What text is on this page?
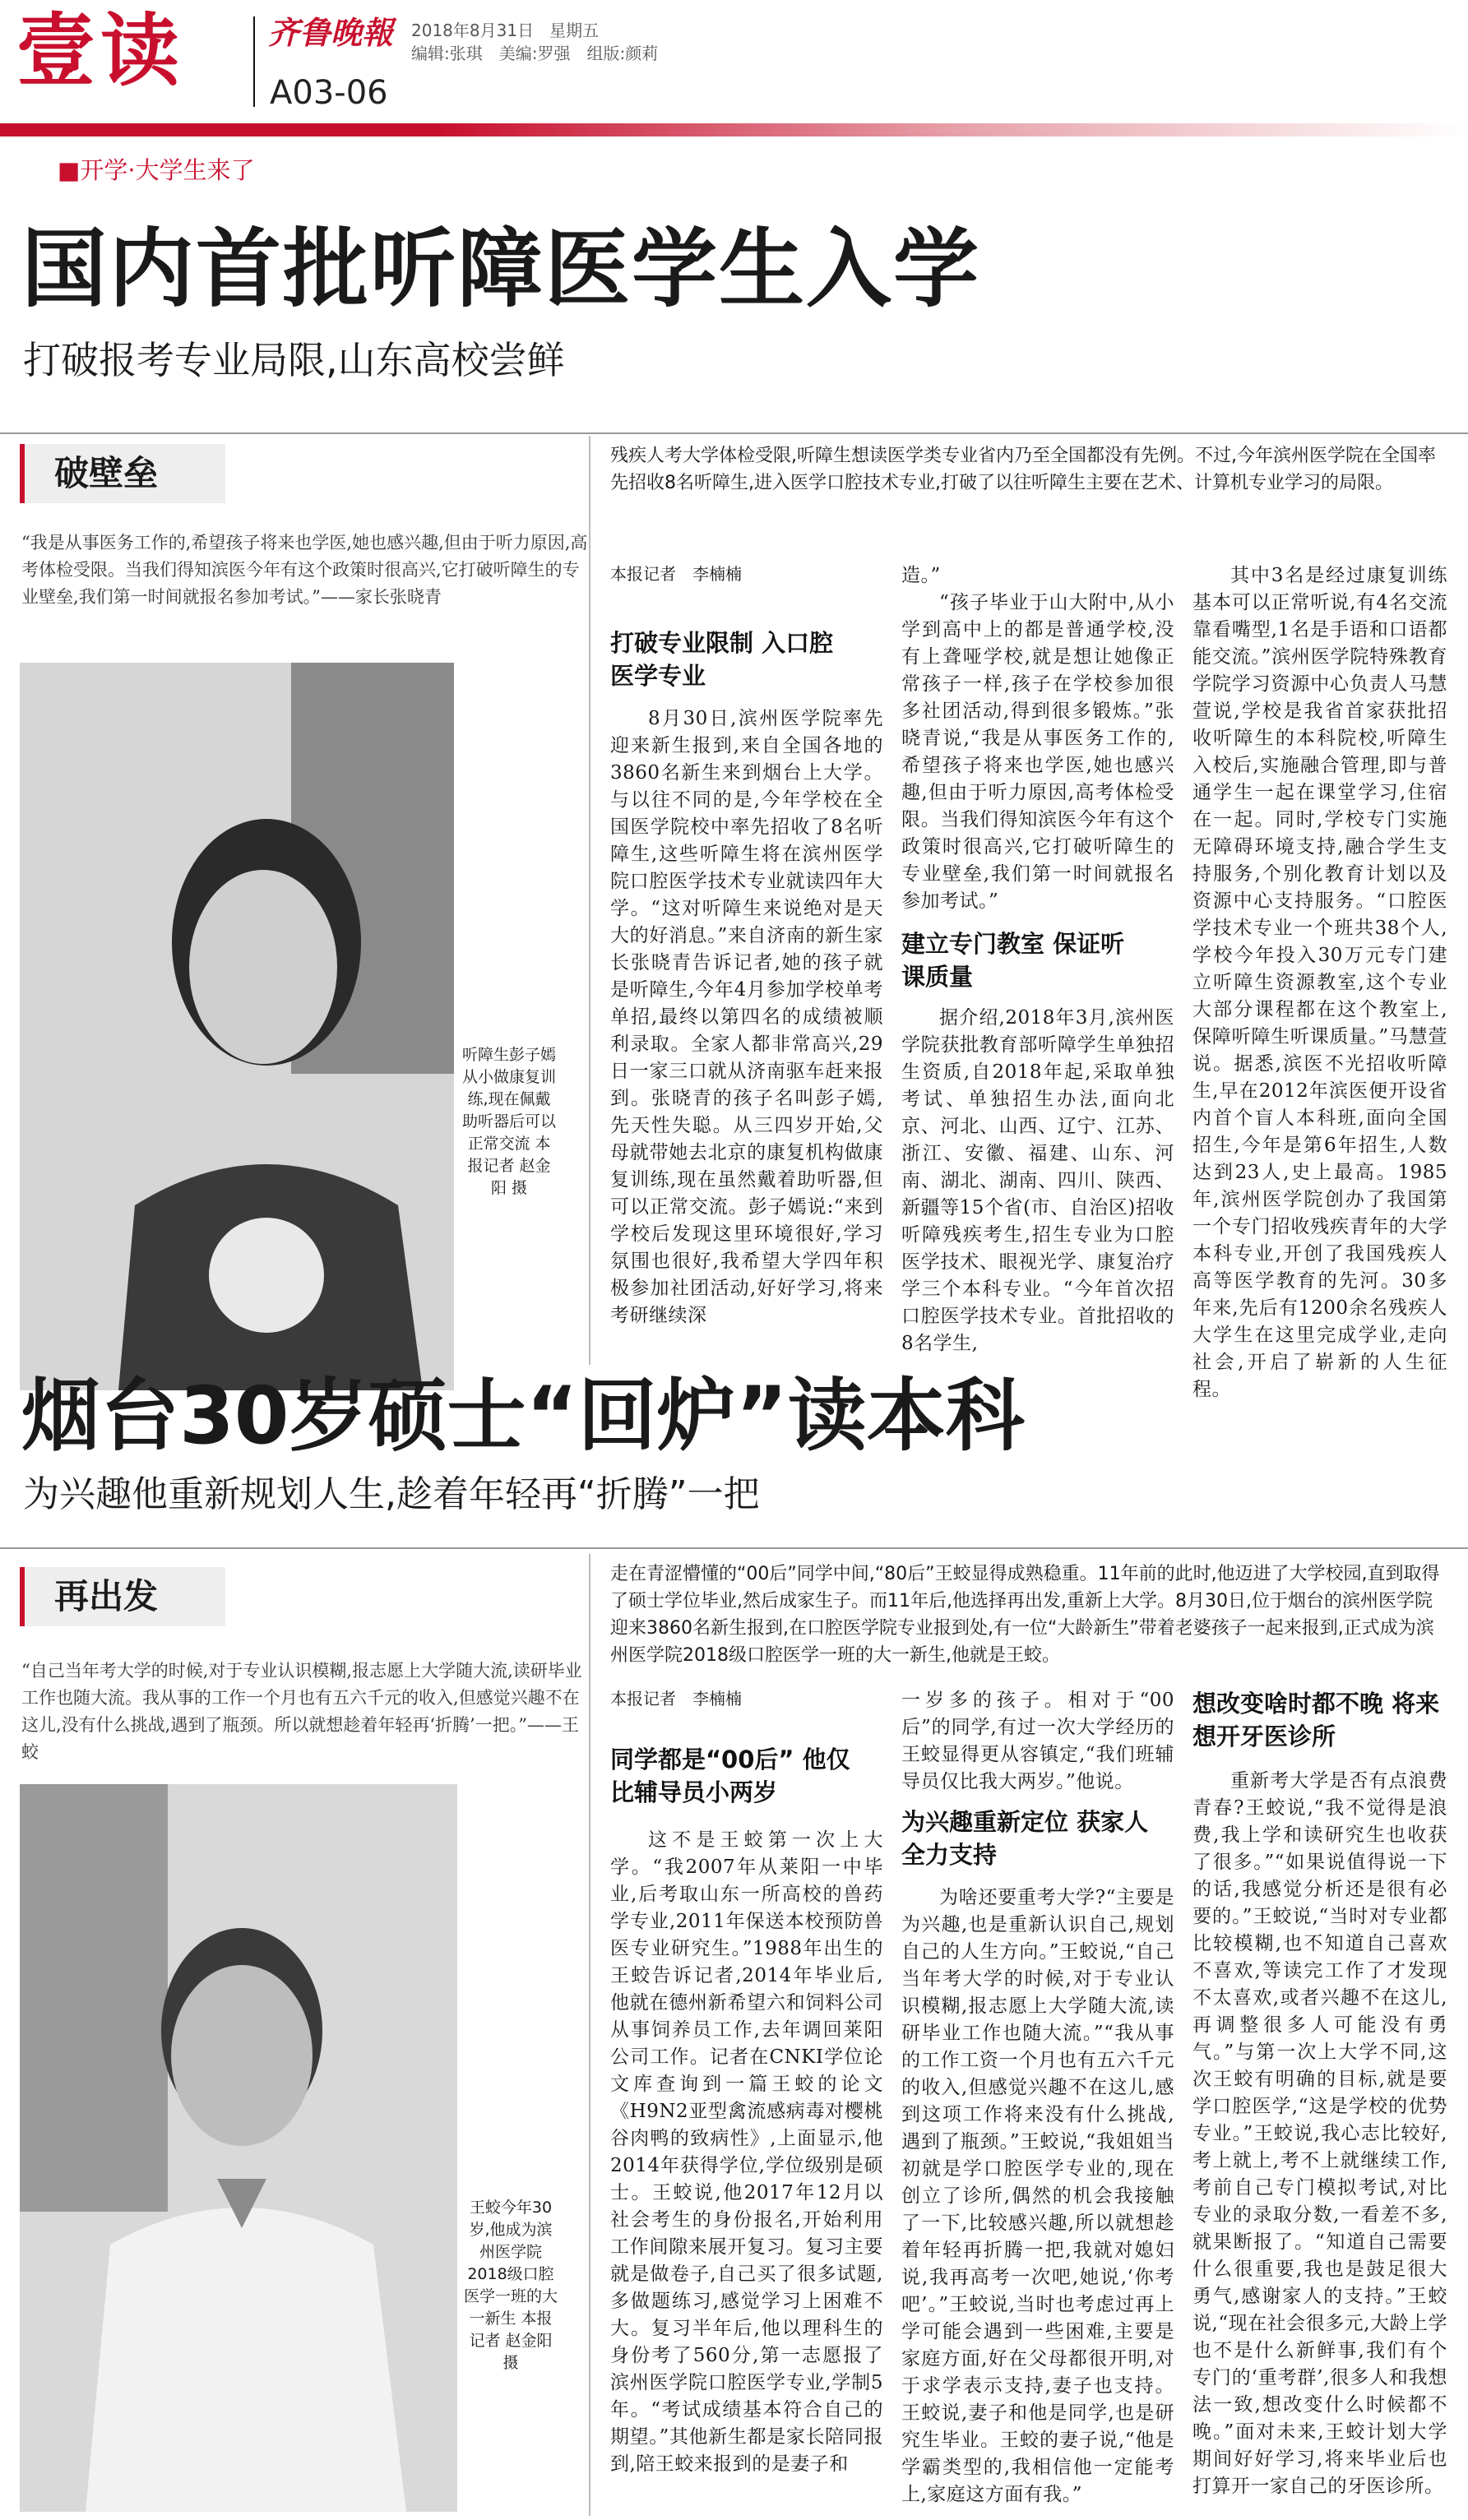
壹读	齐鲁晚報 2018年8月31日 星期五
编辑:张琪　美编:罗强　组版:颜莉
A03-06
■开学·大学生来了
国内首批听障医学生入学
打破报考专业局限,山东高校尝鲜
破壁垒
“我是从事医务工作的,希望孩子将来也学医,她也感兴趣,但由于听力原因,高考体检受限。当我们得知滨医今年有这个政策时很高兴,它打破听障生的专业壁垒,我们第一时间就报名参加考试。”——家长张晓青
听障生彭子嫣从小做康复训练,现在佩戴助听器后可以正常交流 本报记者 赵金阳 摄
残疾人考大学体检受限,听障生想读医学类专业省内乃至全国都没有先例。不过,今年滨州医学院在全国率先招收8名听障生,进入医学口腔技术专业,打破了以往听障生主要在艺术、计算机专业学习的局限。
本报记者　李楠楠
打破专业限制 入口腔医学专业

8月30日,滨州医学院率先迎来新生报到,来自全国各地的3860名新生来到烟台上大学。与以往不同的是,今年学校在全国医学院校中率先招收了8名听障生,这些听障生将在滨州医学院口腔医学技术专业就读四年大学。“这对听障生来说绝对是天大的好消息。”来自济南的新生家长张晓青告诉记者,她的孩子就是听障生,今年4月参加学校单考单招,最终以第四名的成绩被顺利录取。全家人都非常高兴,29日一家三口就从济南驱车赶来报到。张晓青的孩子名叫彭子嫣,先天性失聪。从三四岁开始,父母就带她去北京的康复机构做康复训练,现在虽然戴着助听器,但可以正常交流。彭子嫣说:“来到学校后发现这里环境很好,学习氛围也很好,我希望大学四年积极参加社团活动,好好学习,将来考研继续深

造。”

“孩子毕业于山大附中,从小学到高中上的都是普通学校,没有上聋哑学校,就是想让她像正常孩子一样,孩子在学校参加很多社团活动,得到很多锻炼。”张晓青说,“我是从事医务工作的,希望孩子将来也学医,她也感兴趣,但由于听力原因,高考体检受限。当我们得知滨医今年有这个政策时很高兴,它打破听障生的专业壁垒,我们第一时间就报名参加考试。”

建立专门教室 保证听课质量

据介绍,2018年3月,滨州医学院获批教育部听障学生单独招生资质,自2018年起,采取单独考试、单独招生办法,面向北京、河北、山西、辽宁、江苏、浙江、安徽、福建、山东、河南、湖北、湖南、四川、陕西、新疆等15个省(市、自治区)招收听障残疾考生,招生专业为口腔医学技术、眼视光学、康复治疗学三个本科专业。“今年首次招口腔医学技术专业。首批招收的8名学生,

其中3名是经过康复训练基本可以正常听说,有4名交流靠看嘴型,1名是手语和口语都能交流。”滨州医学院特殊教育学院学习资源中心负责人马慧萱说,学校是我省首家获批招收听障生的本科院校,听障生入校后,实施融合管理,即与普通学生一起在课堂学习,住宿在一起。同时,学校专门实施无障碍环境支持,融合学生支持服务,个别化教育计划以及资源中心支持服务。“口腔医学技术专业一个班共38个人,学校今年投入30万元专门建立听障生资源教室,这个专业大部分课程都在这个教室上,保障听障生听课质量。”马慧萱说。据悉,滨医不光招收听障生,早在2012年滨医便开设省内首个盲人本科班,面向全国招生,今年是第6年招生,人数达到23人,史上最高。1985年,滨州医学院创办了我国第一个专门招收残疾青年的大学本科专业,开创了我国残疾人高等医学教育的先河。30多年来,先后有1200余名残疾人大学生在这里完成学业,走向社会,开启了崭新的人生征程。

烟台30岁硕士“回炉”读本科
为兴趣他重新规划人生,趁着年轻再“折腾”一把
再出发
“自己当年考大学的时候,对于专业认识模糊,报志愿上大学随大流,读研毕业工作也随大流。我从事的工作一个月也有五六千元的收入,但感觉兴趣不在这儿,没有什么挑战,遇到了瓶颈。所以就想趁着年轻再‘折腾’一把。”——王蛟
王蛟今年30岁,他成为滨州医学院2018级口腔医学一班的大一新生 本报记者 赵金阳 摄
走在青涩懵懂的“00后”同学中间,“80后”王蛟显得成熟稳重。11年前的此时,他迈进了大学校园,直到取得了硕士学位毕业,然后成家生子。而11年后,他选择再出发,重新上大学。8月30日,位于烟台的滨州医学院迎来3860名新生报到,在口腔医学院专业报到处,有一位“大龄新生”带着老婆孩子一起来报到,正式成为滨州医学院2018级口腔医学一班的大一新生,他就是王蛟。
本报记者　李楠楠
同学都是“00后” 他仅比辅导员小两岁

这不是王蛟第一次上大学。“我2007年从莱阳一中毕业,后考取山东一所高校的兽药学专业,2011年保送本校预防兽医专业研究生。”1988年出生的王蛟告诉记者,2014年毕业后,他就在德州新希望六和饲料公司从事饲养员工作,去年调回莱阳公司工作。记者在CNKI学位论文库查询到一篇王蛟的论文《H9N2亚型禽流感病毒对樱桃谷肉鸭的致病性》,上面显示,他2014年获得学位,学位级别是硕士。王蛟说,他2017年12月以社会考生的身份报名,开始利用工作间隙来展开复习。复习主要就是做卷子,自己买了很多试题,多做题练习,感觉学习上困难不大。复习半年后,他以理科生的身份考了560分,第一志愿报了滨州医学院口腔医学专业,学制5年。“考试成绩基本符合自己的期望。”其他新生都是家长陪同报到,陪王蛟来报到的是妻子和

一岁多的孩子。相对于“00后”的同学,有过一次大学经历的王蛟显得更从容镇定,“我们班辅导员仅比我大两岁。”他说。
为兴趣重新定位 获家人全力支持

为啥还要重考大学?“主要是为兴趣,也是重新认识自己,规划自己的人生方向。”王蛟说,“自己当年考大学的时候,对于专业认识模糊,报志愿上大学随大流,读研毕业工作也随大流。”“我从事的工作工资一个月也有五六千元的收入,但感觉兴趣不在这儿,感到这项工作将来没有什么挑战,遇到了瓶颈。”王蛟说,“我姐姐当初就是学口腔医学专业的,现在创立了诊所,偶然的机会我接触了一下,比较感兴趣,所以就想趁着年轻再折腾一把,我就对媳妇说,我再高考一次吧,她说,‘你考吧’。”王蛟说,当时也考虑过再上学可能会遇到一些困难,主要是家庭方面,好在父母都很开明,对于求学表示支持,妻子也支持。王蛟说,妻子和他是同学,也是研究生毕业。王蛟的妻子说,“他是学霸类型的,我相信他一定能考上,家庭这方面有我。”

想改变啥时都不晚 将来想开牙医诊所

重新考大学是否有点浪费青春?王蛟说,“我不觉得是浪费,我上学和读研究生也收获了很多。”“如果说值得说一下的话,我感觉分析还是很有必要的。”王蛟说,“当时对专业都比较模糊,也不知道自己喜欢不喜欢,等读完工作了才发现不太喜欢,或者兴趣不在这儿,再调整很多人可能没有勇气。”与第一次上大学不同,这次王蛟有明确的目标,就是要学口腔医学,“这是学校的优势专业。”王蛟说,我心志比较好,考上就上,考不上就继续工作,考前自己专门模拟考试,对比专业的录取分数,一看差不多,就果断报了。“知道自己需要什么很重要,我也是鼓足很大勇气,感谢家人的支持。”王蛟说,“现在社会很多元,大龄上学也不是什么新鲜事,我们有个专门的‘重考群’,很多人和我想法一致,想改变什么时候都不晚。”面对未来,王蛟计划大学期间好好学习,将来毕业后也打算开一家自己的牙医诊所。
